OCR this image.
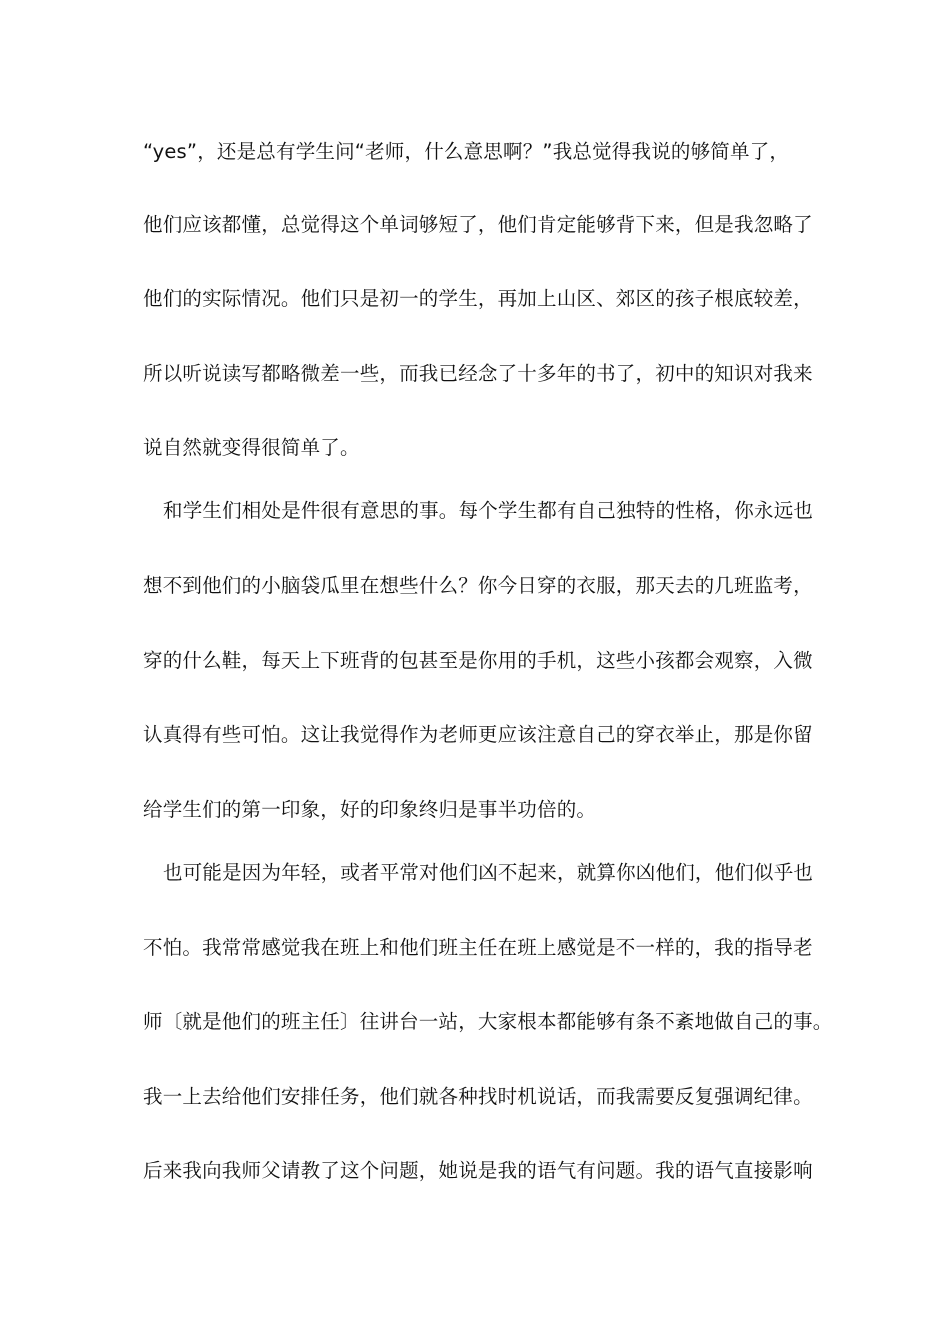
“yes”，还是总有学生问“老师，什么意思啊？”我总觉得我说的够简单了，
他们应该都懂，总觉得这个单词够短了，他们肯定能够背下来，但是我忽略了
他们的实际情况。他们只是初一的学生，再加上山区、郊区的孩子根底较差，
所以听说读写都略微差一些，而我已经念了十多年的书了，初中的知识对我来
说自然就变得很简单了。
和学生们相处是件很有意思的事。每个学生都有自己独特的性格，你永远也
想不到他们的小脑袋瓜里在想些什么？你今日穿的衣服，那天去的几班监考，
穿的什么鞋，每天上下班背的包甚至是你用的手机，这些小孩都会观察，入微
认真得有些可怕。这让我觉得作为老师更应该注意自己的穿衣举止，那是你留
给学生们的第一印象，好的印象终归是事半功倍的。
也可能是因为年轻，或者平常对他们凶不起来，就算你凶他们，他们似乎也
不怕。我常常感觉我在班上和他们班主任在班上感觉是不一样的，我的指导老
师〔就是他们的班主任〕往讲台一站，大家根本都能够有条不紊地做自己的事。
我一上去给他们安排任务，他们就各种找时机说话，而我需要反复强调纪律。
后来我向我师父请教了这个问题，她说是我的语气有问题。我的语气直接影响
